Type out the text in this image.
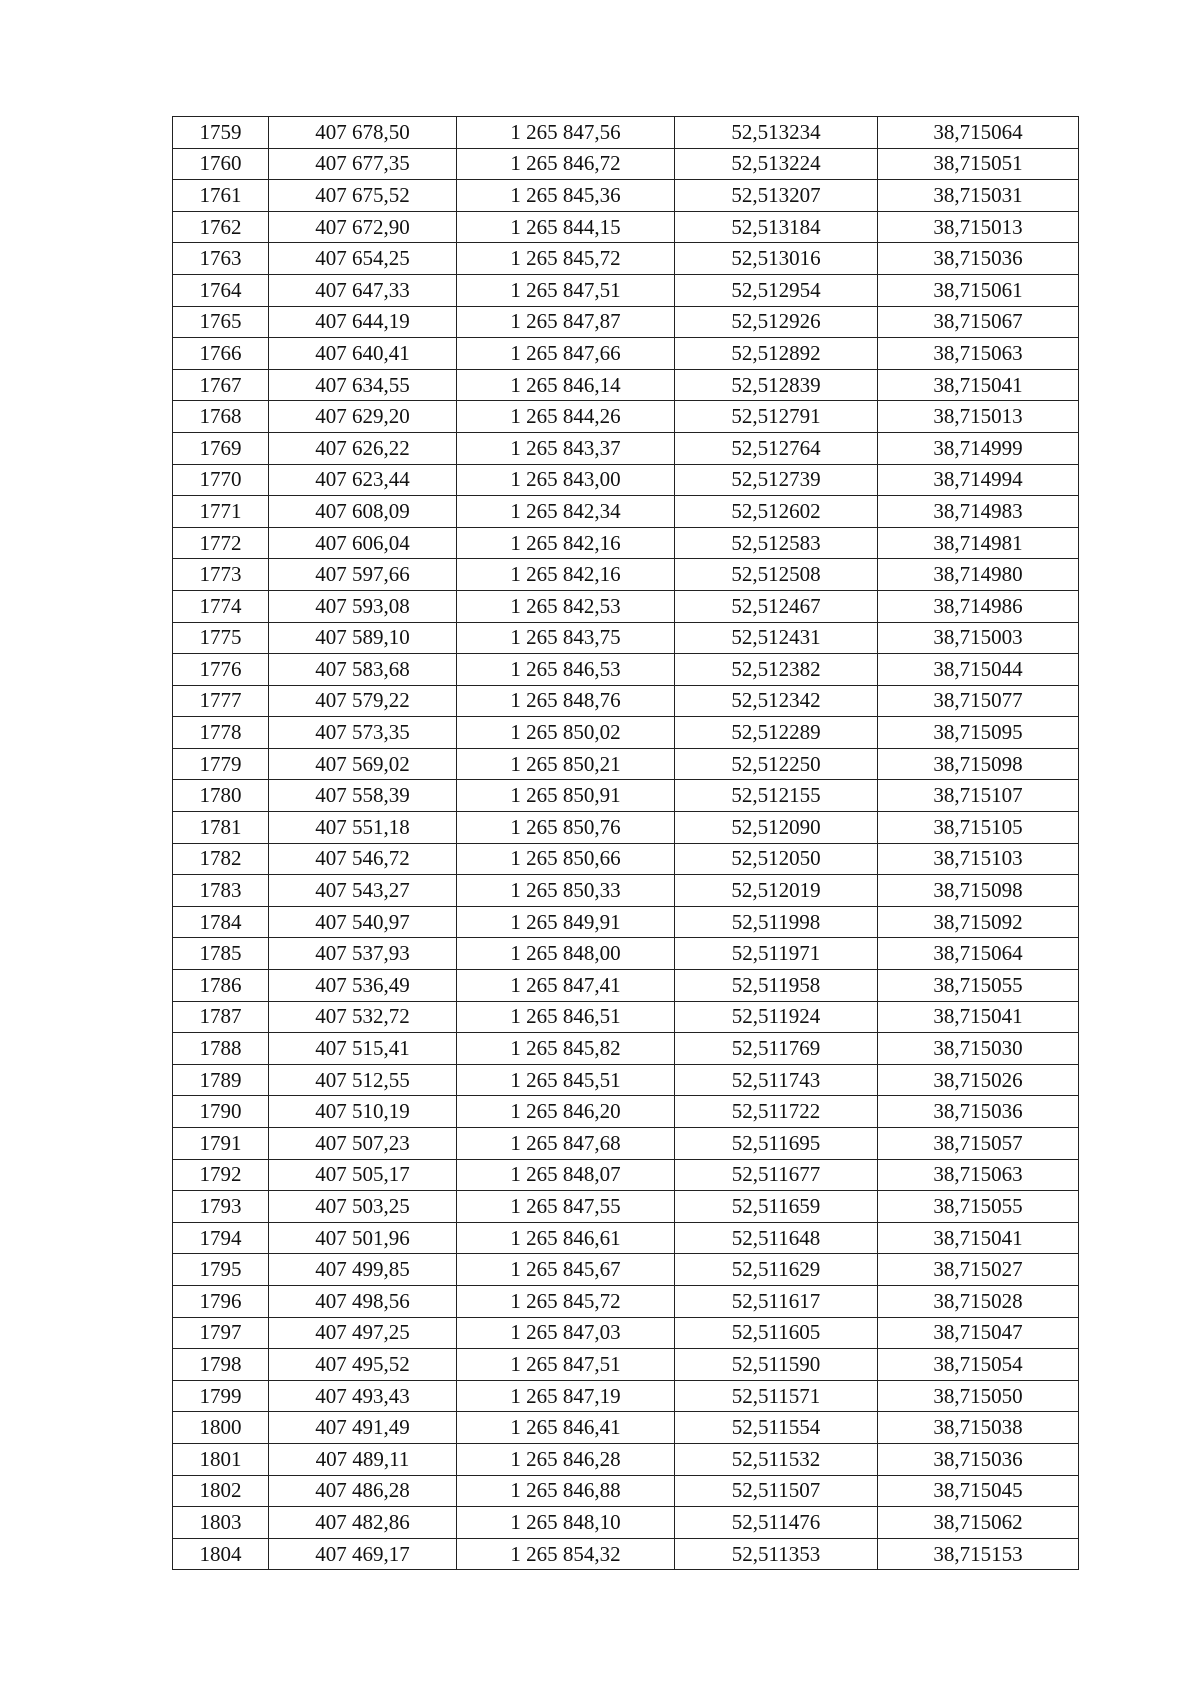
1759	407 678,50	1 265 847,56	52,513234	38,715064
1760	407 677,35	1 265 846,72	52,513224	38,715051
1761	407 675,52	1 265 845,36	52,513207	38,715031
1762	407 672,90	1 265 844,15	52,513184	38,715013
1763	407 654,25	1 265 845,72	52,513016	38,715036
1764	407 647,33	1 265 847,51	52,512954	38,715061
1765	407 644,19	1 265 847,87	52,512926	38,715067
1766	407 640,41	1 265 847,66	52,512892	38,715063
1767	407 634,55	1 265 846,14	52,512839	38,715041
1768	407 629,20	1 265 844,26	52,512791	38,715013
1769	407 626,22	1 265 843,37	52,512764	38,714999
1770	407 623,44	1 265 843,00	52,512739	38,714994
1771	407 608,09	1 265 842,34	52,512602	38,714983
1772	407 606,04	1 265 842,16	52,512583	38,714981
1773	407 597,66	1 265 842,16	52,512508	38,714980
1774	407 593,08	1 265 842,53	52,512467	38,714986
1775	407 589,10	1 265 843,75	52,512431	38,715003
1776	407 583,68	1 265 846,53	52,512382	38,715044
1777	407 579,22	1 265 848,76	52,512342	38,715077
1778	407 573,35	1 265 850,02	52,512289	38,715095
1779	407 569,02	1 265 850,21	52,512250	38,715098
1780	407 558,39	1 265 850,91	52,512155	38,715107
1781	407 551,18	1 265 850,76	52,512090	38,715105
1782	407 546,72	1 265 850,66	52,512050	38,715103
1783	407 543,27	1 265 850,33	52,512019	38,715098
1784	407 540,97	1 265 849,91	52,511998	38,715092
1785	407 537,93	1 265 848,00	52,511971	38,715064
1786	407 536,49	1 265 847,41	52,511958	38,715055
1787	407 532,72	1 265 846,51	52,511924	38,715041
1788	407 515,41	1 265 845,82	52,511769	38,715030
1789	407 512,55	1 265 845,51	52,511743	38,715026
1790	407 510,19	1 265 846,20	52,511722	38,715036
1791	407 507,23	1 265 847,68	52,511695	38,715057
1792	407 505,17	1 265 848,07	52,511677	38,715063
1793	407 503,25	1 265 847,55	52,511659	38,715055
1794	407 501,96	1 265 846,61	52,511648	38,715041
1795	407 499,85	1 265 845,67	52,511629	38,715027
1796	407 498,56	1 265 845,72	52,511617	38,715028
1797	407 497,25	1 265 847,03	52,511605	38,715047
1798	407 495,52	1 265 847,51	52,511590	38,715054
1799	407 493,43	1 265 847,19	52,511571	38,715050
1800	407 491,49	1 265 846,41	52,511554	38,715038
1801	407 489,11	1 265 846,28	52,511532	38,715036
1802	407 486,28	1 265 846,88	52,511507	38,715045
1803	407 482,86	1 265 848,10	52,511476	38,715062
1804	407 469,17	1 265 854,32	52,511353	38,715153
